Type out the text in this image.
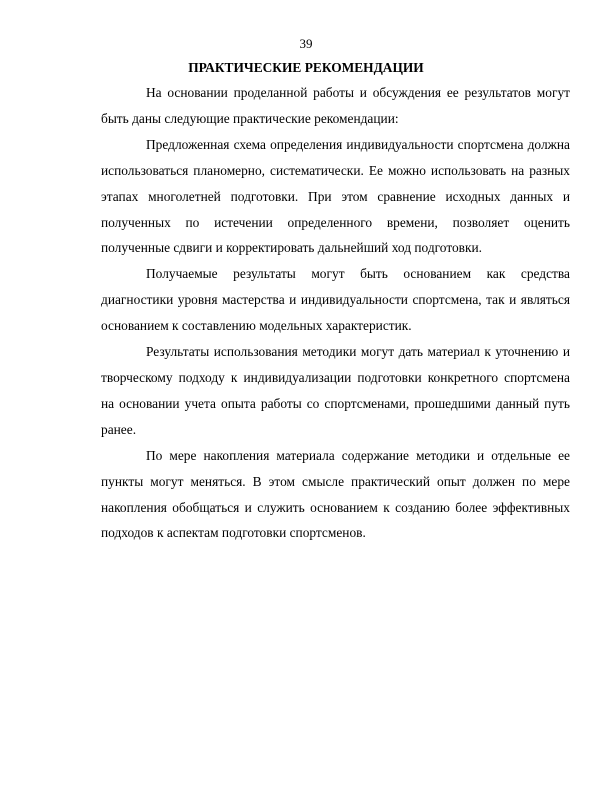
39
ПРАКТИЧЕСКИЕ РЕКОМЕНДАЦИИ

На основании проделанной работы и обсуждения ее результатов могут быть даны следующие практические рекомендации:

Предложенная схема определения индивидуальности спортсмена должна использоваться планомерно, систематически. Ее можно использовать на разных этапах многолетней подготовки. При этом сравнение исходных данных и полученных по истечении определенного времени, позволяет оценить полученные сдвиги и корректировать дальнейший ход подготовки.

Получаемые результаты могут быть основанием как средства диагностики уровня мастерства и индивидуальности спортсмена, так и являться основанием к составлению модельных характеристик.

Результаты использования методики могут дать материал к уточнению и творческому подходу к индивидуализации подготовки конкретного спортсмена на основании учета опыта работы со спортсменами, прошедшими данный путь ранее.

По мере накопления материала содержание методики и отдельные ее пункты могут меняться. В этом смысле практический опыт должен по мере накопления обобщаться и служить основанием к созданию более эффективных подходов к аспектам подготовки спортсменов.
